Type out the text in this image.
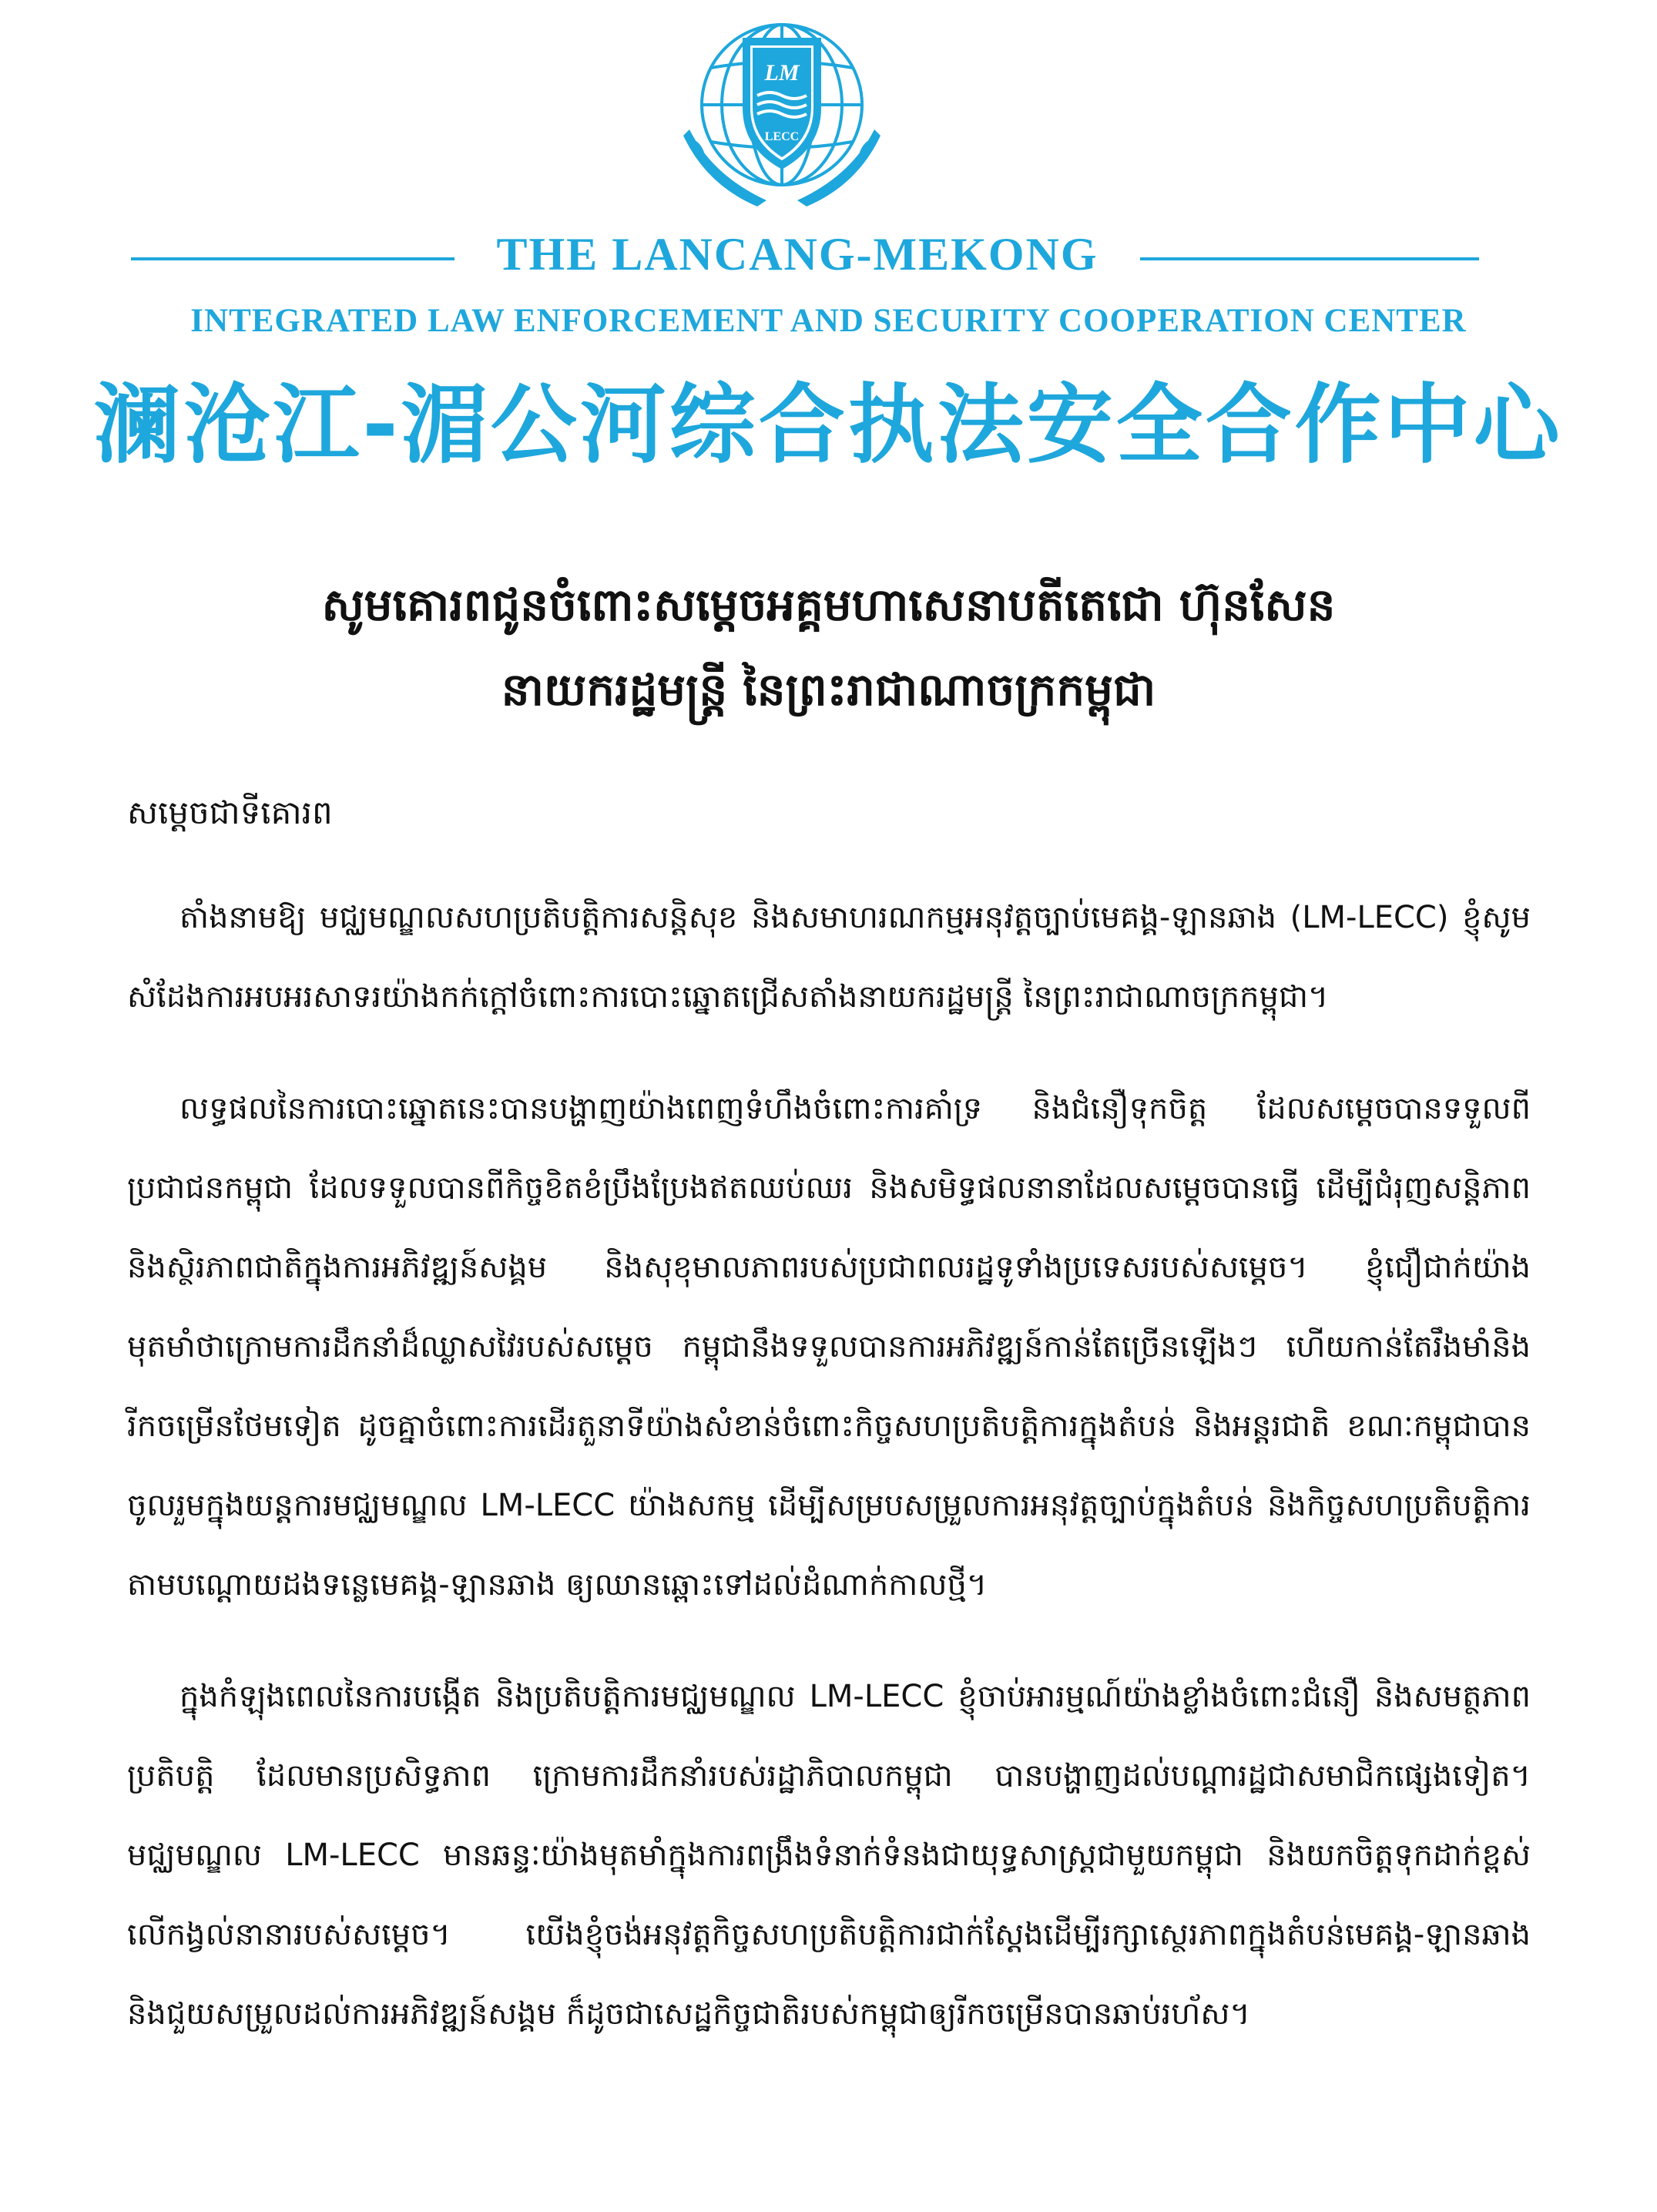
LM
LECC
THE LANCANG-MEKONG
INTEGRATED LAW ENFORCEMENT AND SECURITY COOPERATION CENTER
澜沧江-湄公河综合执法安全合作中心
សូមគោរពជូនចំពោះសម្តេចអគ្គមហាសេនាបតីតេជោ ហ៊ុនសែន
នាយករដ្ឋមន្ត្រី នៃព្រះរាជាណាចក្រកម្ពុជា
សម្តេចជាទីគោរព

តាំងនាមឱ្យ មជ្ឈមណ្ឌលសហប្រតិបត្តិការសន្តិសុខ និងសមាហរណកម្មអនុវត្តច្បាប់មេគង្គ-ឡានឆាង (LM-LECC) ខ្ញុំសូមសំដែងការអបអរសាទរយ៉ាងកក់ក្តៅចំពោះការបោះឆ្នោតជ្រើសតាំងនាយករដ្ឋមន្ត្រី នៃព្រះរាជាណាចក្រកម្ពុជា។

លទ្ធផលនៃការបោះឆ្នោតនេះបានបង្ហាញយ៉ាងពេញទំហឹងចំពោះការគាំទ្រ និងជំនឿទុកចិត្ត ដែលសម្តេចបានទទួលពីប្រជាជនកម្ពុជា ដែលទទួលបានពីកិច្ចខិតខំប្រឹងប្រែងឥតឈប់ឈរ និងសមិទ្ធផលនានាដែលសម្តេចបានធ្វើ ដើម្បីជំរុញសន្តិភាព និងស្ថិរភាពជាតិក្នុងការអភិវឌ្ឍន៍សង្គម និងសុខុមាលភាពរបស់ប្រជាពលរដ្ឋទូទាំងប្រទេសរបស់សម្តេច។ ខ្ញុំជឿជាក់យ៉ាងមុតមាំថាក្រោមការដឹកនាំដ៏ឈ្លាសវៃរបស់សម្តេច កម្ពុជានឹងទទួលបានការអភិវឌ្ឍន៍កាន់តែច្រើនឡើងៗ ហើយកាន់តែរឹងមាំនិងរីកចម្រើនថែមទៀត ដូចគ្នាចំពោះការដើរតួនាទីយ៉ាងសំខាន់ចំពោះកិច្ចសហប្រតិបត្តិការក្នុងតំបន់ និងអន្តរជាតិ ខណៈកម្ពុជាបានចូលរួមក្នុងយន្តការមជ្ឈមណ្ឌល LM-LECC យ៉ាងសកម្ម ដើម្បីសម្របសម្រួលការអនុវត្តច្បាប់ក្នុងតំបន់ និងកិច្ចសហប្រតិបត្តិការតាមបណ្តោយដងទន្លេមេគង្គ-ឡានឆាង ឲ្យឈានឆ្ពោះទៅដល់ដំណាក់កាលថ្មី។

ក្នុងកំឡុងពេលនៃការបង្កើត និងប្រតិបត្តិការមជ្ឈមណ្ឌល LM-LECC ខ្ញុំចាប់អារម្មណ៍យ៉ាងខ្លាំងចំពោះជំនឿ និងសមត្ថភាពប្រតិបត្តិ ដែលមានប្រសិទ្ធភាព ក្រោមការដឹកនាំរបស់រដ្ឋាភិបាលកម្ពុជា បានបង្ហាញដល់បណ្តារដ្ឋជាសមាជិកផ្សេងទៀត។ មជ្ឈមណ្ឌល LM-LECC មានឆន្ទៈយ៉ាងមុតមាំក្នុងការពង្រឹងទំនាក់ទំនងជាយុទ្ធសាស្ត្រជាមួយកម្ពុជា និងយកចិត្តទុកដាក់ខ្ពស់លើកង្វល់នានារបស់សម្តេច។ យើងខ្ញុំចង់អនុវត្តកិច្ចសហប្រតិបត្តិការជាក់ស្តែងដើម្បីរក្សាស្ថេរភាពក្នុងតំបន់មេគង្គ-ឡានឆាង និងជួយសម្រួលដល់ការអភិវឌ្ឍន៍សង្គម ក៏ដូចជាសេដ្ឋកិច្ចជាតិរបស់កម្ពុជាឲ្យរីកចម្រើនបានឆាប់រហ័ស។
